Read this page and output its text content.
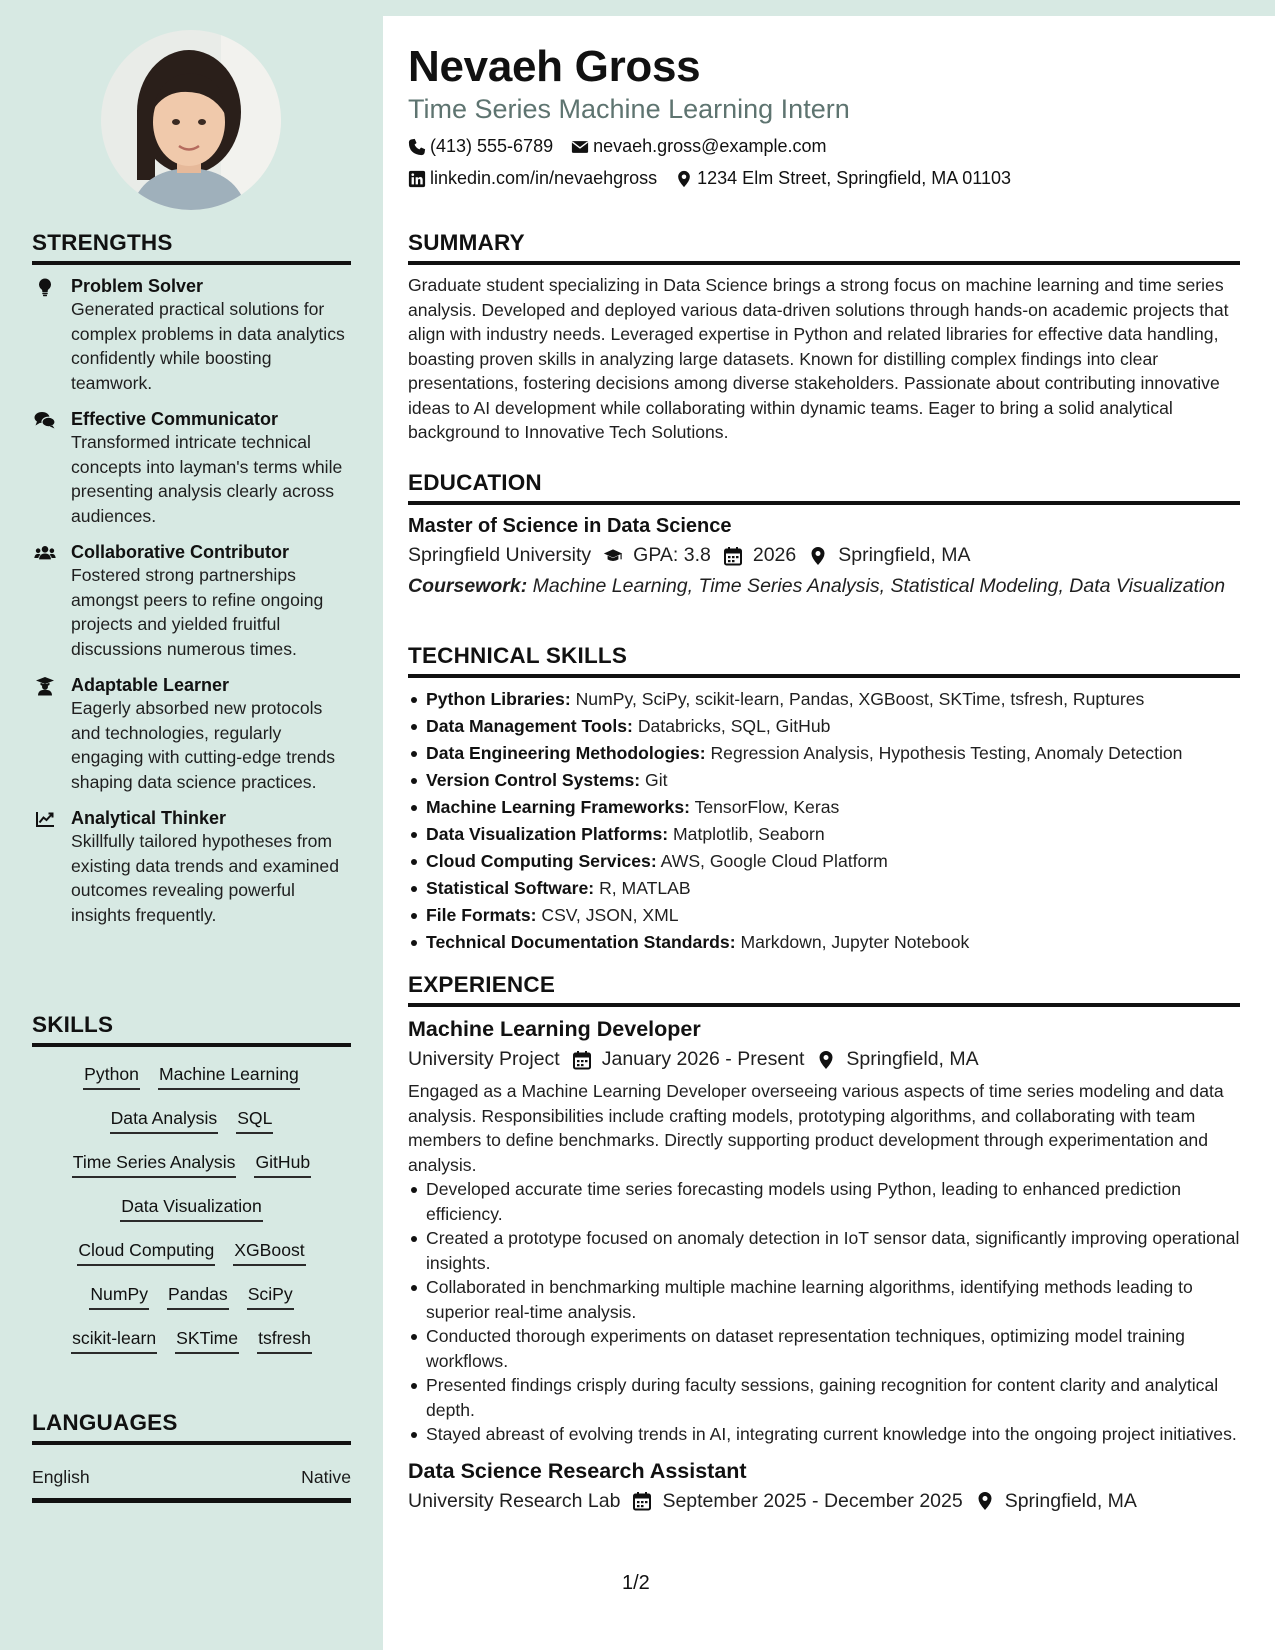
STRENGTHS
Problem Solver
Generated practical solutions for complex problems in data analytics confidently while boosting teamwork.
Effective Communicator
Transformed intricate technical concepts into layman's terms while presenting analysis clearly across audiences.
Collaborative Contributor
Fostered strong partnerships amongst peers to refine ongoing projects and yielded fruitful discussions numerous times.
Adaptable Learner
Eagerly absorbed new protocols and technologies, regularly engaging with cutting-edge trends shaping data science practices.
Analytical Thinker
Skillfully tailored hypotheses from existing data trends and examined outcomes revealing powerful insights frequently.
SKILLS
Python Machine Learning
Data Analysis SQL
Time Series Analysis GitHub
Data Visualization
Cloud Computing XGBoost
NumPy Pandas SciPy
scikit-learn SKTime tsfresh
LANGUAGES
English	Native
Nevaeh Gross
Time Series Machine Learning Intern
(413) 555-6789 nevaeh.gross@example.com
linkedin.com/in/nevaehgross 1234 Elm Street, Springfield, MA 01103
SUMMARY
Graduate student specializing in Data Science brings a strong focus on machine learning and time series analysis. Developed and deployed various data-driven solutions through hands-on academic projects that align with industry needs. Leveraged expertise in Python and related libraries for effective data handling, boasting proven skills in analyzing large datasets. Known for distilling complex findings into clear presentations, fostering decisions among diverse stakeholders. Passionate about contributing innovative ideas to AI development while collaborating within dynamic teams. Eager to bring a solid analytical background to Innovative Tech Solutions.
EDUCATION
Master of Science in Data Science
Springfield University GPA: 3.8 2026 Springfield, MA
Coursework: Machine Learning, Time Series Analysis, Statistical Modeling, Data Visualization
TECHNICAL SKILLS
Python Libraries: NumPy, SciPy, scikit-learn, Pandas, XGBoost, SKTime, tsfresh, Ruptures
Data Management Tools: Databricks, SQL, GitHub
Data Engineering Methodologies: Regression Analysis, Hypothesis Testing, Anomaly Detection
Version Control Systems: Git
Machine Learning Frameworks: TensorFlow, Keras
Data Visualization Platforms: Matplotlib, Seaborn
Cloud Computing Services: AWS, Google Cloud Platform
Statistical Software: R, MATLAB
File Formats: CSV, JSON, XML
Technical Documentation Standards: Markdown, Jupyter Notebook
EXPERIENCE
Machine Learning Developer
University Project January 2026 - Present Springfield, MA
Engaged as a Machine Learning Developer overseeing various aspects of time series modeling and data analysis. Responsibilities include crafting models, prototyping algorithms, and collaborating with team members to define benchmarks. Directly supporting product development through experimentation and analysis.
Developed accurate time series forecasting models using Python, leading to enhanced prediction efficiency.
Created a prototype focused on anomaly detection in IoT sensor data, significantly improving operational insights.
Collaborated in benchmarking multiple machine learning algorithms, identifying methods leading to superior real-time analysis.
Conducted thorough experiments on dataset representation techniques, optimizing model training workflows.
Presented findings crisply during faculty sessions, gaining recognition for content clarity and analytical depth.
Stayed abreast of evolving trends in AI, integrating current knowledge into the ongoing project initiatives.
Data Science Research Assistant
University Research Lab September 2025 - December 2025 Springfield, MA
1/2
